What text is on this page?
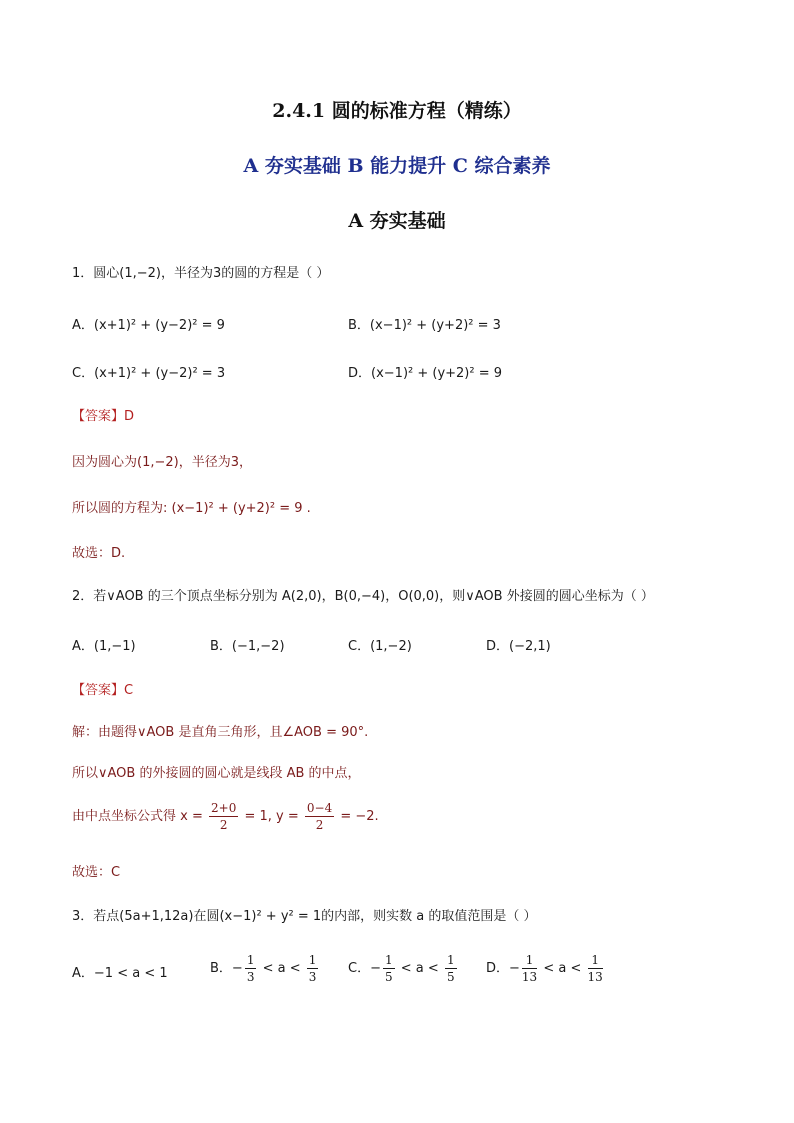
2.4.1 圆的标准方程（精练）
A 夯实基础 B 能力提升 C 综合素养
A 夯实基础
1．圆心(1,−2)，半径为3的圆的方程是（ ）
A．(x+1)² + (y−2)² = 9	B．(x−1)² + (y+2)² = 3
C．(x+1)² + (y−2)² = 3	D．(x−1)² + (y+2)² = 9
【答案】D
因为圆心为(1,−2)，半径为3，
所以圆的方程为: (x−1)² + (y+2)² = 9 .
故选：D.
2．若∨AOB 的三个顶点坐标分别为 A(2,0)，B(0,−4)，O(0,0)，则∨AOB 外接圆的圆心坐标为（ ）
A．(1,−1)	B．(−1,−2)	C．(1,−2)	D．(−2,1)
【答案】C
解：由题得∨AOB 是直角三角形，且∠AOB = 90°.
所以∨AOB 的外接圆的圆心就是线段 AB 的中点，
由中点坐标公式得 $x = \frac{2+0}{2} = 1$, $y = \frac{0-4}{2} = -2$.
故选：C
3．若点(5a+1,12a)在圆(x−1)² + y² = 1的内部，则实数 a 的取值范围是（ ）
A．−1 < a < 1	B．− $\frac{1}{3} < a < \frac{1}{3}$ C．− $\frac{1}{5} < a < \frac{1}{5}$ D．− $\frac{1}{13} < a < \frac{1}{13}$
